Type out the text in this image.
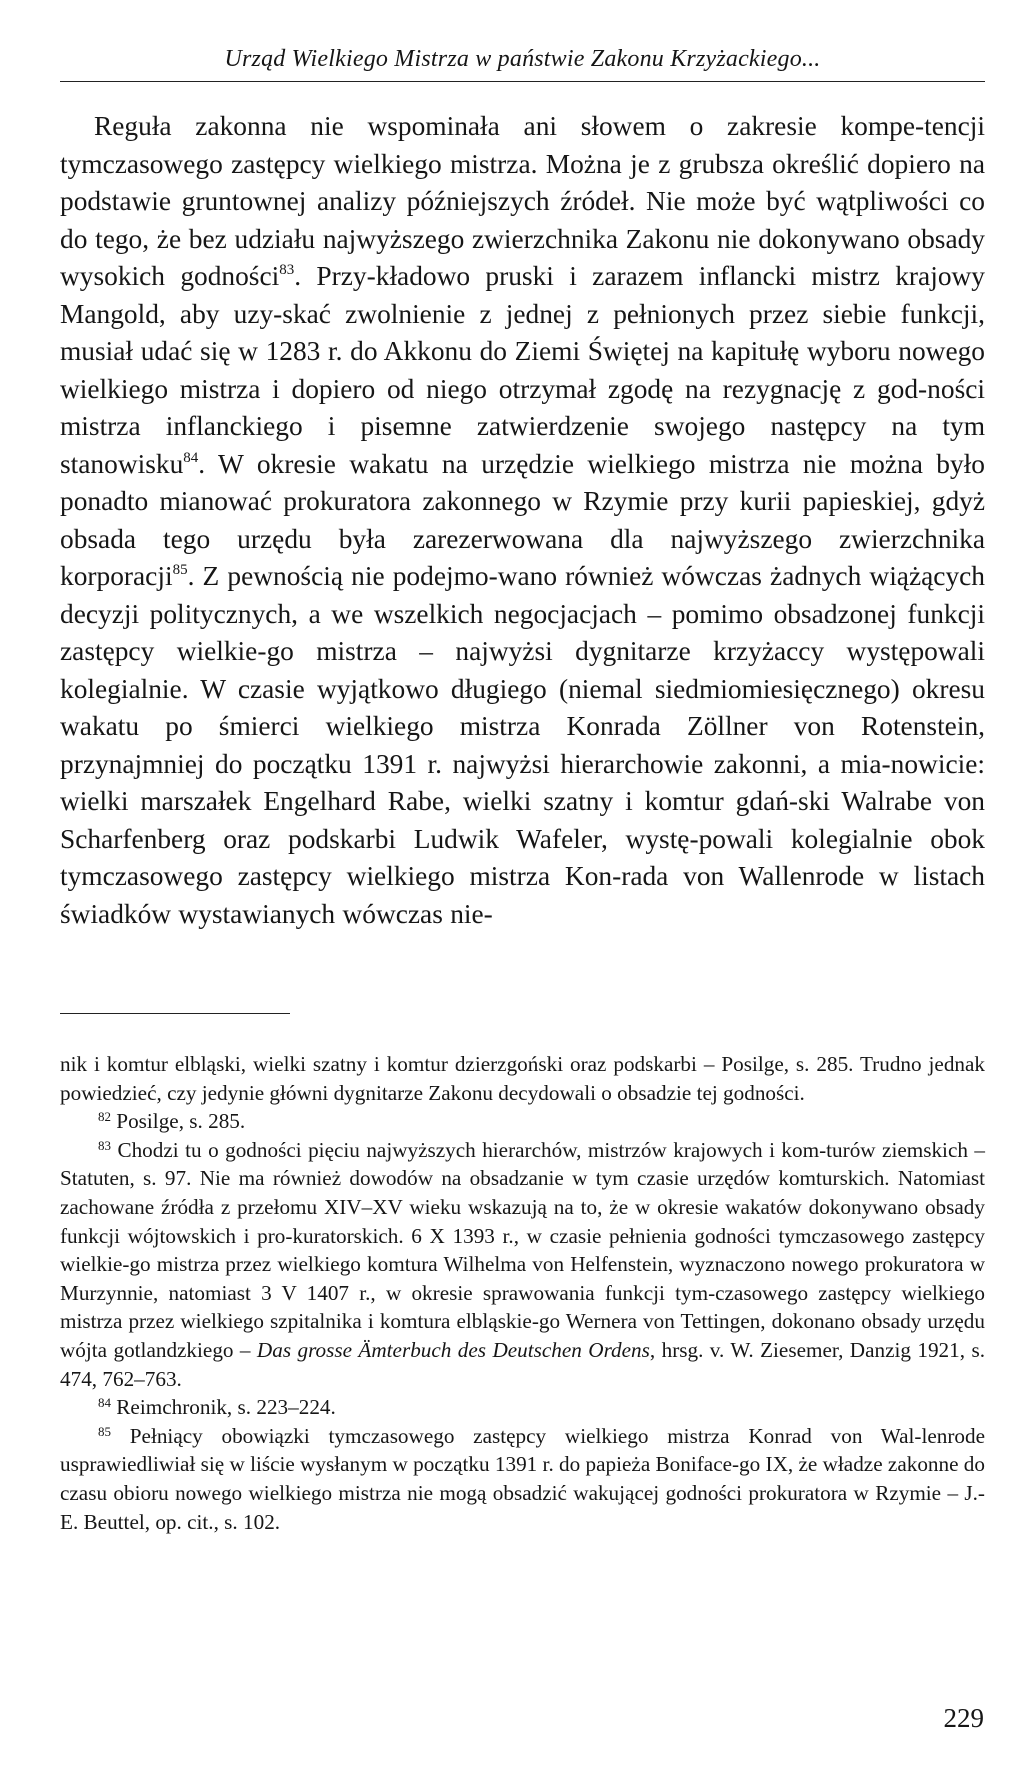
Urząd Wielkiego Mistrza w państwie Zakonu Krzyżackiego...

Reguła zakonna nie wspominała ani słowem o zakresie kompe-tencji tymczasowego zastępcy wielkiego mistrza. Można je z grubsza określić dopiero na podstawie gruntownej analizy późniejszych źródeł. Nie może być wątpliwości co do tego, że bez udziału najwyższego zwierzchnika Zakonu nie dokonywano obsady wysokich godności$^{83}$. Przy-kładowo pruski i zarazem inflancki mistrz krajowy Mangold, aby uzy-skać zwolnienie z jednej z pełnionych przez siebie funkcji, musiał udać się w 1283 r. do Akkonu do Ziemi Świętej na kapitułę wyboru nowego wielkiego mistrza i dopiero od niego otrzymał zgodę na rezygnację z god-ności mistrza inflanckiego i pisemne zatwierdzenie swojego następcy na tym stanowisku$^{84}$. W okresie wakatu na urzędzie wielkiego mistrza nie można było ponadto mianować prokuratora zakonnego w Rzymie przy kurii papieskiej, gdyż obsada tego urzędu była zarezerwowana dla najwyższego zwierzchnika korporacji$^{85}$. Z pewnością nie podejmo-wano również wówczas żadnych wiążących decyzji politycznych, a we wszelkich negocjacjach – pomimo obsadzonej funkcji zastępcy wielkie-go mistrza – najwyżsi dygnitarze krzyżaccy występowali kolegialnie. W czasie wyjątkowo długiego (niemal siedmiomiesięcznego) okresu wakatu po śmierci wielkiego mistrza Konrada Zöllner von Rotenstein, przynajmniej do początku 1391 r. najwyżsi hierarchowie zakonni, a mia-nowicie: wielki marszałek Engelhard Rabe, wielki szatny i komtur gdań-ski Walrabe von Scharfenberg oraz podskarbi Ludwik Wafeler, wystę-powali kolegialnie obok tymczasowego zastępcy wielkiego mistrza Kon-rada von Wallenrode w listach świadków wystawianych wówczas nie-

nik i komtur elbląski, wielki szatny i komtur dzierzgoński oraz podskarbi – Posilge, s. 285. Trudno jednak powiedzieć, czy jedynie główni dygnitarze Zakonu decydowali o obsadzie tej godności.

$^{82}$ Posilge, s. 285.

$^{83}$ Chodzi tu o godności pięciu najwyższych hierarchów, mistrzów krajowych i kom-turów ziemskich – Statuten, s. 97. Nie ma również dowodów na obsadzanie w tym czasie urzędów komturskich. Natomiast zachowane źródła z przełomu XIV–XV wieku wskazują na to, że w okresie wakatów dokonywano obsady funkcji wójtowskich i pro-kuratorskich. 6 X 1393 r., w czasie pełnienia godności tymczasowego zastępcy wielkie-go mistrza przez wielkiego komtura Wilhelma von Helfenstein, wyznaczono nowego prokuratora w Murzynnie, natomiast 3 V 1407 r., w okresie sprawowania funkcji tym-czasowego zastępcy wielkiego mistrza przez wielkiego szpitalnika i komtura elbląskie-go Wernera von Tettingen, dokonano obsady urzędu wójta gotlandzkiego – Das grosse Ämterbuch des Deutschen Ordens, hrsg. v. W. Ziesemer, Danzig 1921, s. 474, 762–763.

$^{84}$ Reimchronik, s. 223–224.

$^{85}$ Pełniący obowiązki tymczasowego zastępcy wielkiego mistrza Konrad von Wal-lenrode usprawiedliwiał się w liście wysłanym w początku 1391 r. do papieża Boniface-go IX, że władze zakonne do czasu obioru nowego wielkiego mistrza nie mogą obsadzić wakującej godności prokuratora w Rzymie – J.-E. Beuttel, op. cit., s. 102.

229
